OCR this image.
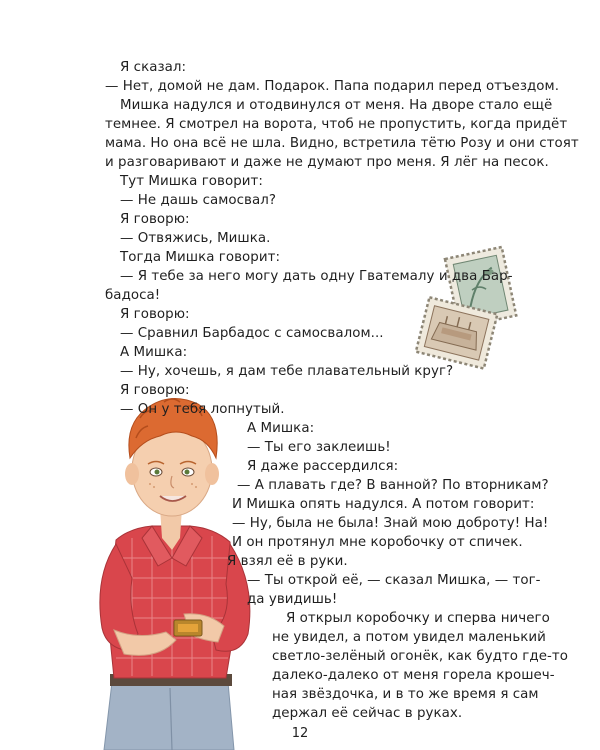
Я сказал:
— Нет, домой не дам. Подарок. Папа подарил перед отъездом.
Мишка надулся и отодвинулся от меня. На дворе стало ещё
темнее. Я смотрел на ворота, чтоб не пропустить, когда придёт
мама. Но она всё не шла. Видно, встретила тётю Розу и они стоят
и разговаривают и даже не думают про меня. Я лёг на песок.
Тут Мишка говорит:
— Не дашь самосвал?
Я говорю:
— Отвяжись, Мишка.
Тогда Мишка говорит:
— Я тебе за него могу дать одну Гватемалу и два Бар-
бадоса!
Я говорю:
— Сравнил Барбадос с самосвалом...
А Мишка:
— Ну, хочешь, я дам тебе плавательный круг?
Я говорю:
— Он у тебя лопнутый.
А Мишка:
— Ты его заклеишь!
Я даже рассердился:
— А плавать где? В ванной? По вторникам?
И Мишка опять надулся. А потом говорит:
— Ну, была не была! Знай мою доброту! На!
И он протянул мне коробочку от спичек.
Я взял её в руки.
— Ты открой её, — сказал Мишка, — тог-
да увидишь!
Я открыл коробочку и сперва ничего
не увидел, а потом увидел маленький
светло-зелёный огонёк, как будто где-то
далеко-далеко от меня горела крошеч-
ная звёздочка, и в то же время я сам
держал её сейчас в руках.
12
